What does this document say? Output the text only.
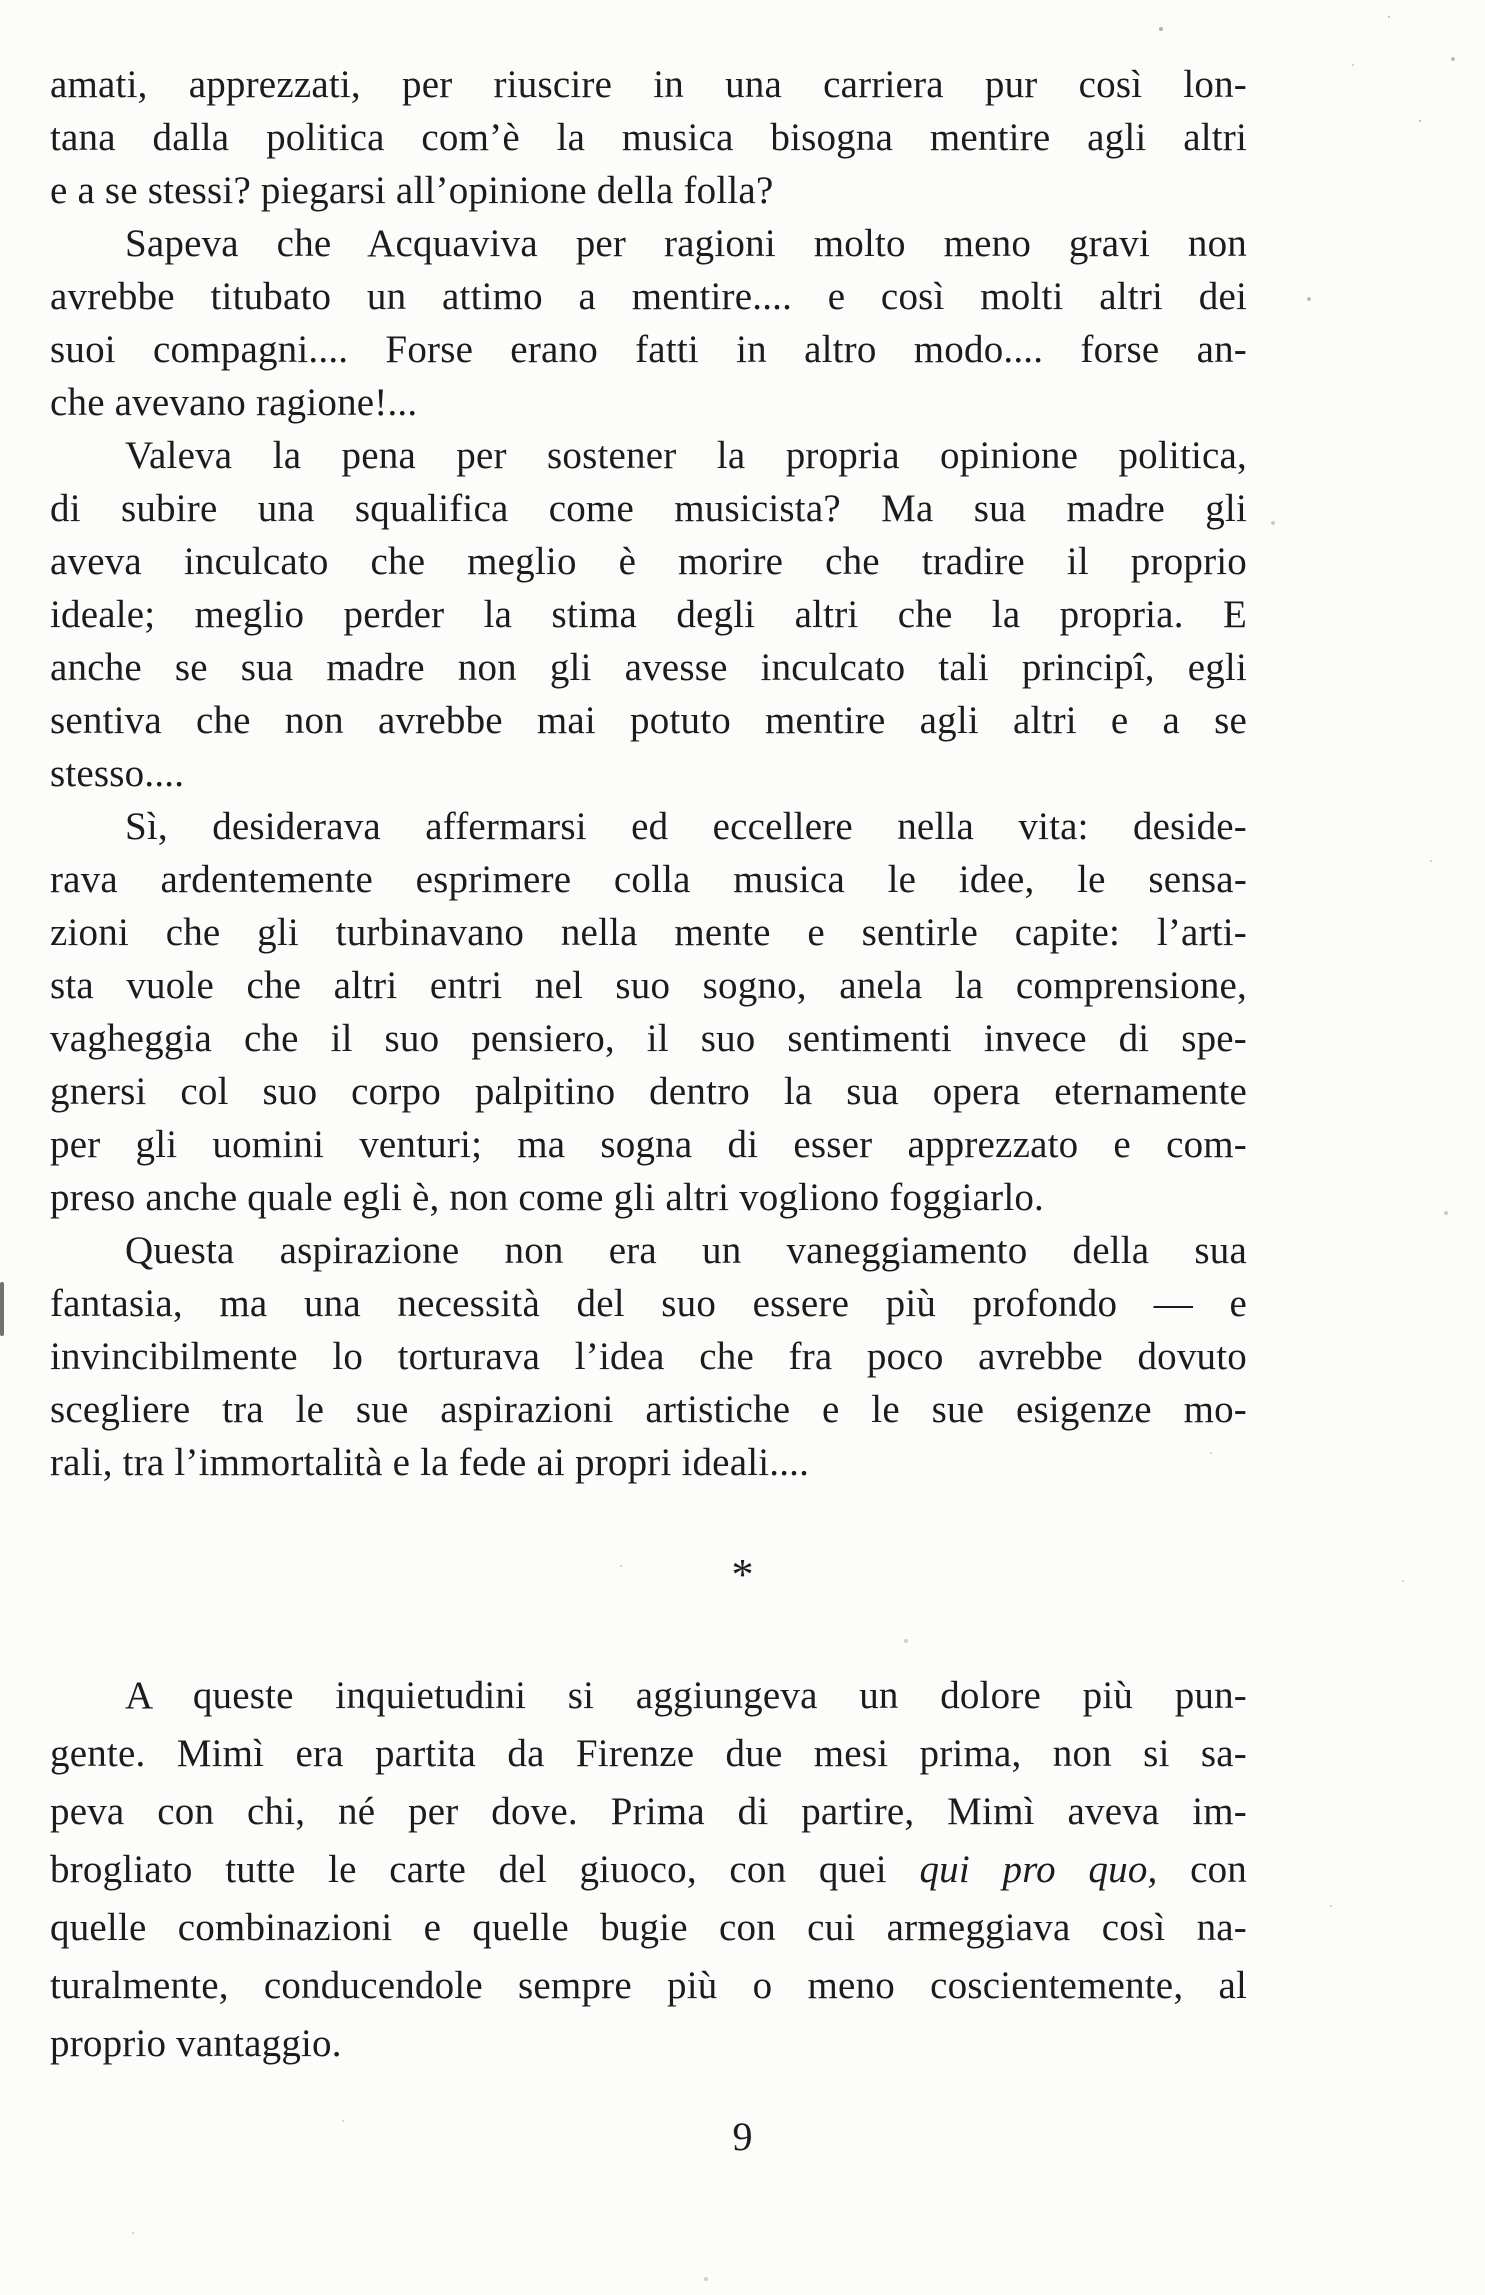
amati, apprezzati, per riuscire in una carriera pur così lon-
tana dalla politica com’è la musica bisogna mentire agli altri
e a se stessi? piegarsi all’opinione della folla?

Sapeva che Acquaviva per ragioni molto meno gravi non
avrebbe titubato un attimo a mentire.... e così molti altri dei
suoi compagni.... Forse erano fatti in altro modo.... forse an-
che avevano ragione!...

Valeva la pena per sostener la propria opinione politica,
di subire una squalifica come musicista? Ma sua madre gli
aveva inculcato che meglio è morire che tradire il proprio
ideale; meglio perder la stima degli altri che la propria. E
anche se sua madre non gli avesse inculcato tali principî, egli
sentiva che non avrebbe mai potuto mentire agli altri e a se
stesso....

Sì, desiderava affermarsi ed eccellere nella vita: deside-
rava ardentemente esprimere colla musica le idee, le sensa-
zioni che gli turbinavano nella mente e sentirle capite: l’arti-
sta vuole che altri entri nel suo sogno, anela la comprensione,
vagheggia che il suo pensiero, il suo sentimenti invece di spe-
gnersi col suo corpo palpitino dentro la sua opera eternamente
per gli uomini venturi; ma sogna di esser apprezzato e com-
preso anche quale egli è, non come gli altri vogliono foggiarlo.

Questa aspirazione non era un vaneggiamento della sua
fantasia, ma una necessità del suo essere più profondo — e
invincibilmente lo torturava l’idea che fra poco avrebbe dovuto
scegliere tra le sue aspirazioni artistiche e le sue esigenze mo-
rali, tra l’immortalità e la fede ai propri ideali....

*

A queste inquietudini si aggiungeva un dolore più pun-
gente. Mimì era partita da Firenze due mesi prima, non si sa-
peva con chi, né per dove. Prima di partire, Mimì aveva im-
brogliato tutte le carte del giuoco, con quei qui pro quo, con
quelle combinazioni e quelle bugie con cui armeggiava così na-
turalmente, conducendole sempre più o meno coscientemente, al
proprio vantaggio.

9
